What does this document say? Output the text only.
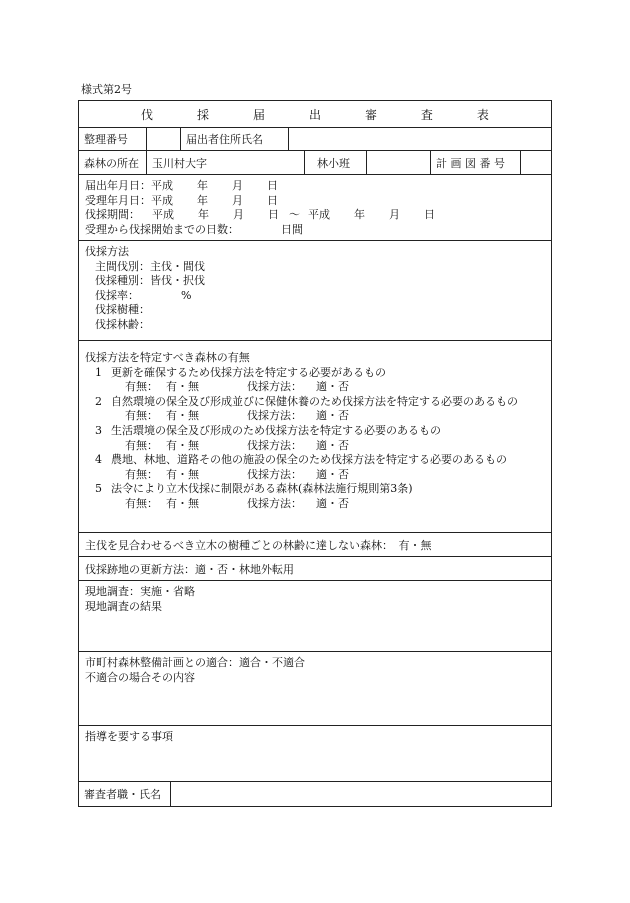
様式第2号
伐	採	届	出	審	査	表
整理番号	届出者住所氏名
森林の所在	玉川村大字	林小班	計 画 図 番 号
届出年月日：平成 年 月 日
受理年月日：平成 年 月 日
伐採期間： 平成 年 月 日 ～ 平成 年 月 日
受理から伐採開始までの日数：	日間
伐採方法
主間伐別：主伐・間伐
伐採種別：皆伐・択伐
伐採率：	%
伐採樹種：
伐採林齢：
伐採方法を特定すべき森林の有無
1 更新を確保するため伐採方法を特定する必要があるもの
有無： 有・無	伐採方法： 適・否
2 自然環境の保全及び形成並びに保健休養のため伐採方法を特定する必要のあるもの
有無： 有・無	伐採方法： 適・否
3 生活環境の保全及び形成のため伐採方法を特定する必要のあるもの
有無： 有・無	伐採方法： 適・否
4 農地、林地、道路その他の施設の保全のため伐採方法を特定する必要のあるもの
有無： 有・無	伐採方法： 適・否
5 法令により立木伐採に制限がある森林(森林法施行規則第3条)
有無： 有・無	伐採方法： 適・否
主伐を見合わせるべき立木の樹種ごとの林齢に達しない森林：　有・無
伐採跡地の更新方法：適・否・林地外転用
現地調査：実施・省略
現地調査の結果
市町村森林整備計画との適合：適合・不適合
不適合の場合その内容
指導を要する事項
審査者職・氏名
